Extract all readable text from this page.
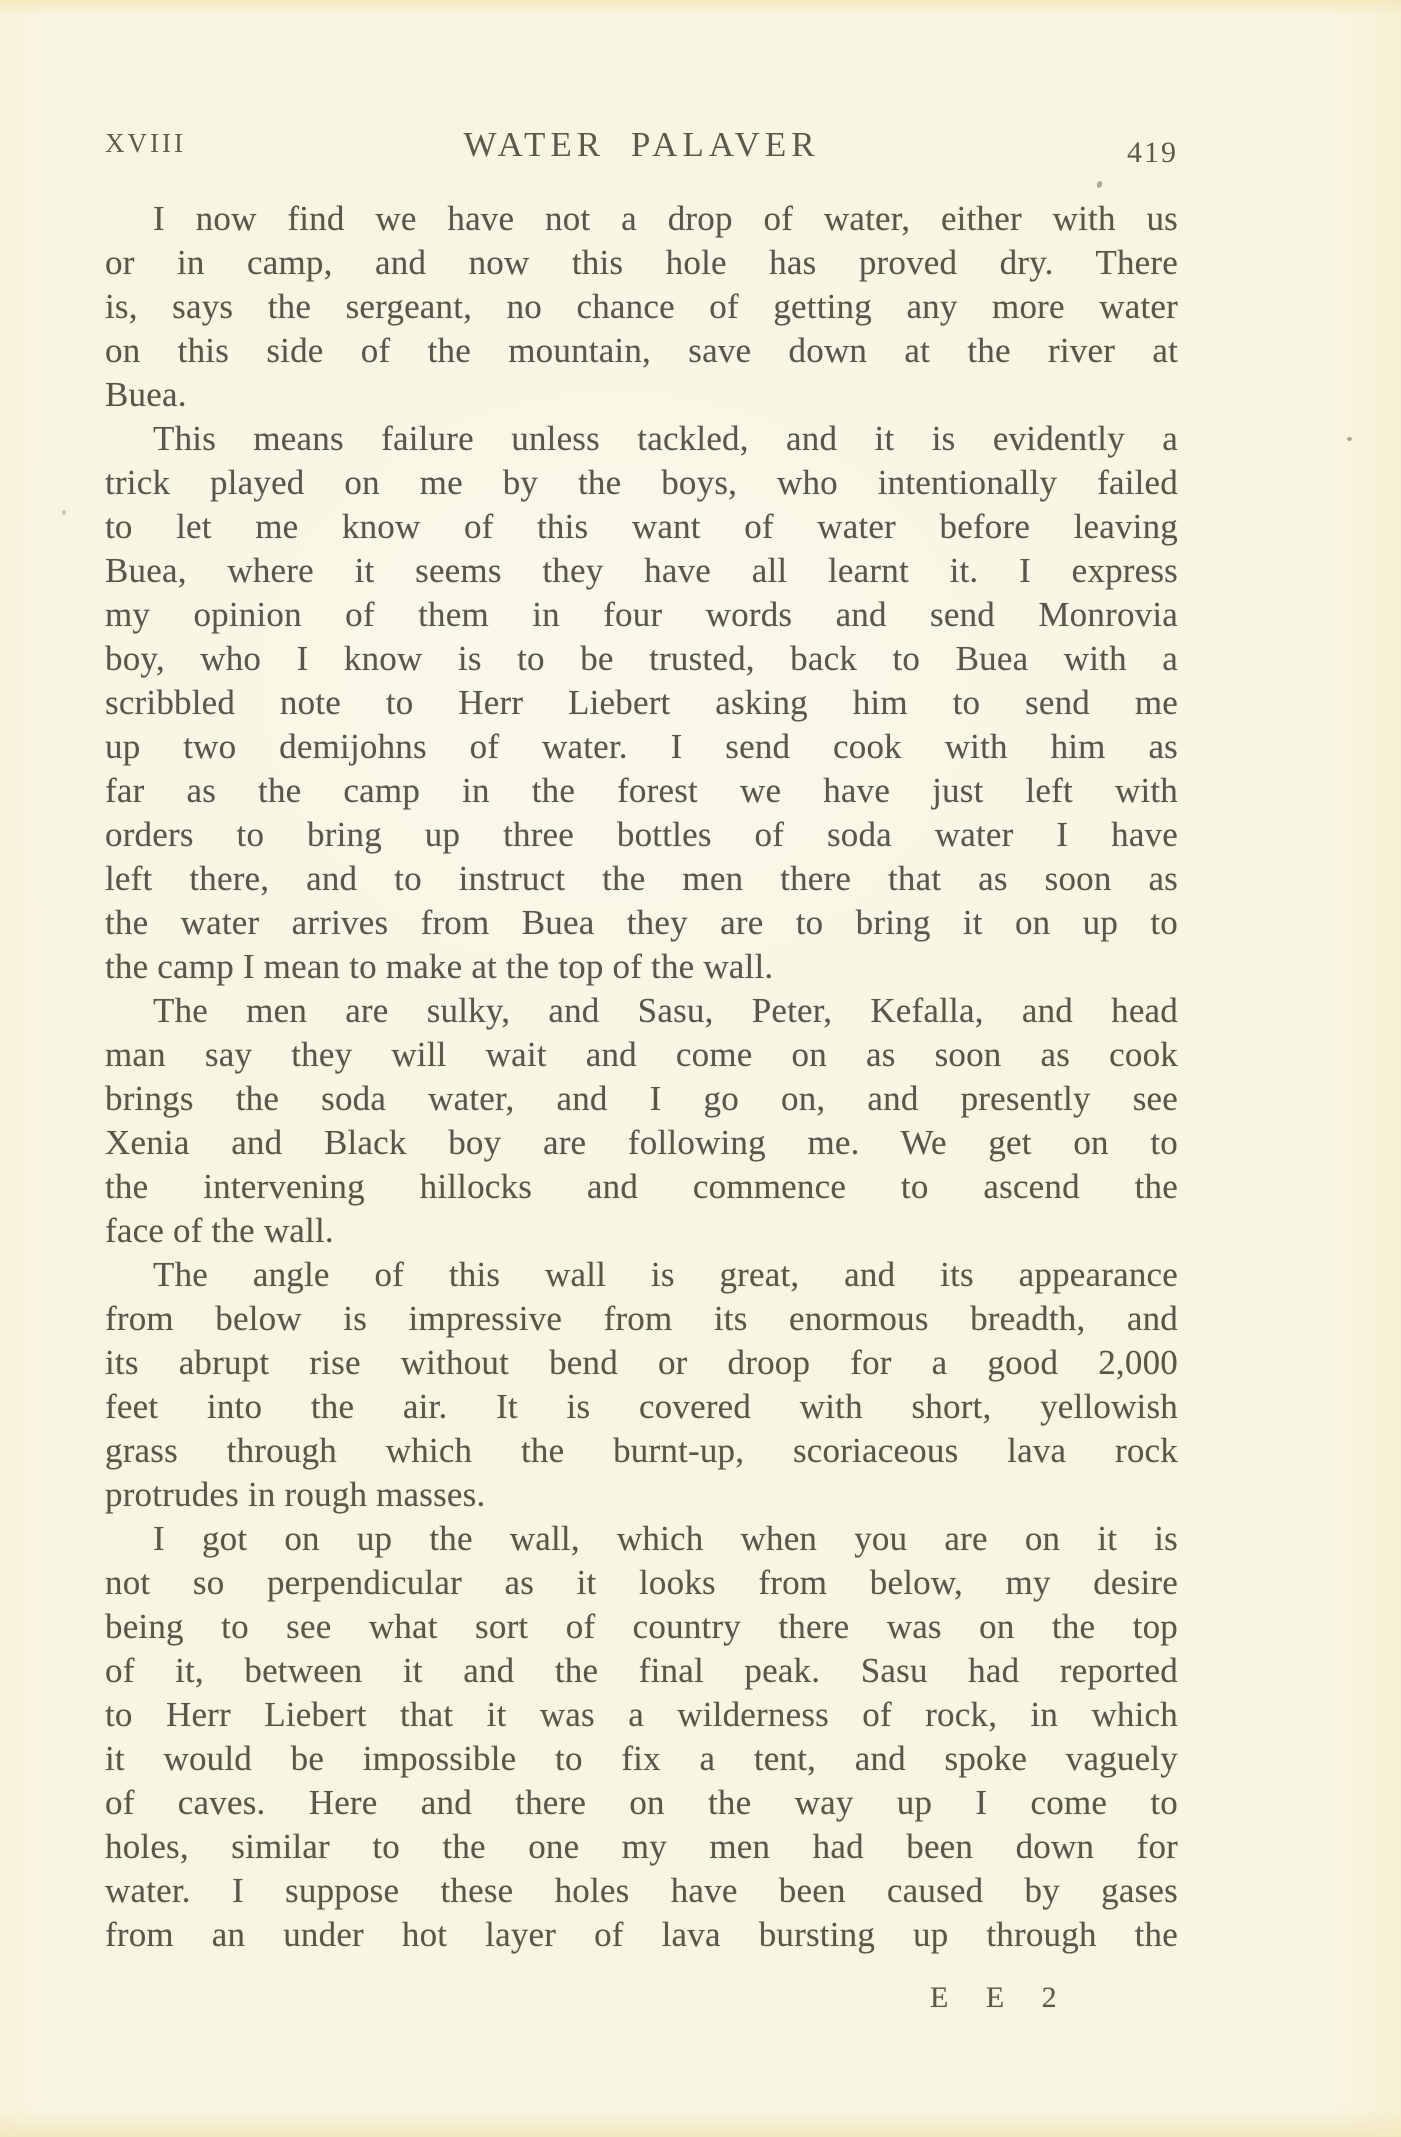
XVIII	WATER PALAVER	419
I now find we have not a drop of water, either with us
or in camp, and now this hole has proved dry. There
is, says the sergeant, no chance of getting any more water
on this side of the mountain, save down at the river at
Buea.
This means failure unless tackled, and it is evidently a
trick played on me by the boys, who intentionally failed
to let me know of this want of water before leaving
Buea, where it seems they have all learnt it. I express
my opinion of them in four words and send Monrovia
boy, who I know is to be trusted, back to Buea with a
scribbled note to Herr Liebert asking him to send me
up two demijohns of water. I send cook with him as
far as the camp in the forest we have just left with
orders to bring up three bottles of soda water I have
left there, and to instruct the men there that as soon as
the water arrives from Buea they are to bring it on up to
the camp I mean to make at the top of the wall.
The men are sulky, and Sasu, Peter, Kefalla, and head
man say they will wait and come on as soon as cook
brings the soda water, and I go on, and presently see
Xenia and Black boy are following me. We get on to
the intervening hillocks and commence to ascend the
face of the wall.
The angle of this wall is great, and its appearance
from below is impressive from its enormous breadth, and
its abrupt rise without bend or droop for a good 2,000
feet into the air. It is covered with short, yellowish
grass through which the burnt-up, scoriaceous lava rock
protrudes in rough masses.
I got on up the wall, which when you are on it is
not so perpendicular as it looks from below, my desire
being to see what sort of country there was on the top
of it, between it and the final peak. Sasu had reported
to Herr Liebert that it was a wilderness of rock, in which
it would be impossible to fix a tent, and spoke vaguely
of caves. Here and there on the way up I come to
holes, similar to the one my men had been down for
water. I suppose these holes have been caused by gases
from an under hot layer of lava bursting up through the
E E 2
